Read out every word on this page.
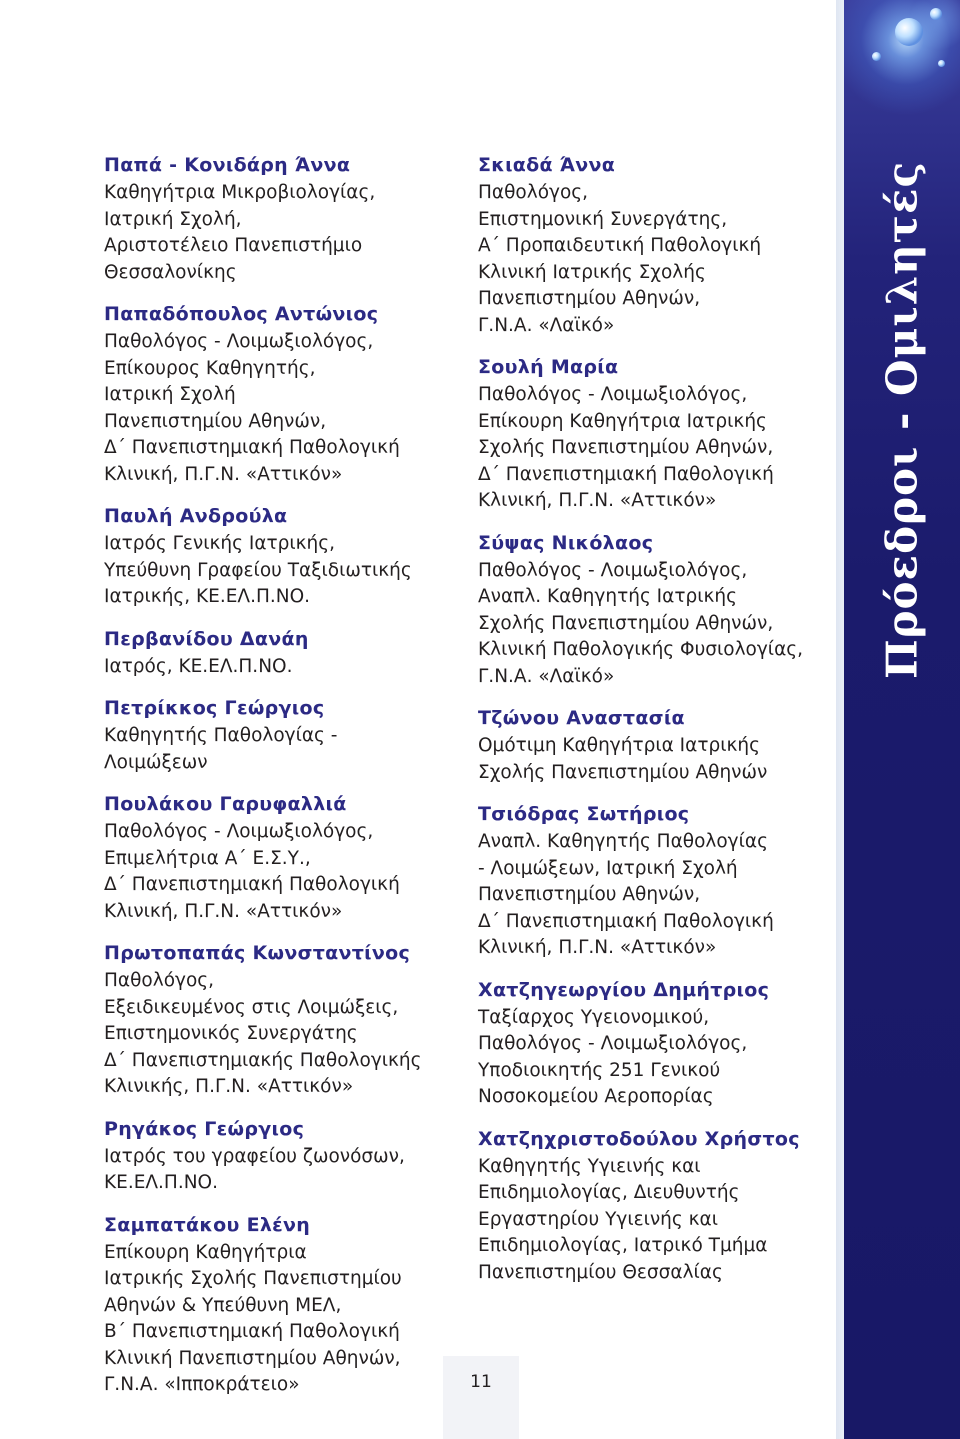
Πρόεδροι - Ομιλητές
Παπά - Κονιδάρη Άννα
Καθηγήτρια Μικροβιολογίας,
Ιατρική Σχολή,
Αριστοτέλειο Πανεπιστήμιο
Θεσσαλονίκης
Παπαδόπουλος Αντώνιος
Παθολόγος - Λοιμωξιολόγος,
Επίκουρος Καθηγητής,
Ιατρική Σχολή
Πανεπιστημίου Αθηνών,
Δ΄ Πανεπιστημιακή Παθολογική
Κλινική, Π.Γ.Ν. «Αττικόν»
Παυλή Ανδρούλα
Ιατρός Γενικής Ιατρικής,
Υπεύθυνη Γραφείου Ταξιδιωτικής
Ιατρικής, ΚΕ.ΕΛ.Π.ΝΟ.
Περβανίδου Δανάη
Ιατρός, ΚΕ.ΕΛ.Π.ΝΟ.
Πετρίκκος Γεώργιος
Καθηγητής Παθολογίας -
Λοιμώξεων
Πουλάκου Γαρυφαλλιά
Παθολόγος - Λοιμωξιολόγος,
Επιμελήτρια Α΄ Ε.Σ.Υ.,
Δ΄ Πανεπιστημιακή Παθολογική
Κλινική, Π.Γ.Ν. «Αττικόν»
Πρωτοπαπάς Κωνσταντίνος
Παθολόγος,
Εξειδικευμένος στις Λοιμώξεις,
Επιστημονικός Συνεργάτης
Δ΄ Πανεπιστημιακής Παθολογικής
Κλινικής, Π.Γ.Ν. «Αττικόν»
Ρηγάκος Γεώργιος
Ιατρός του γραφείου ζωονόσων,
ΚΕ.ΕΛ.Π.ΝΟ.
Σαμπατάκου Ελένη
Επίκουρη Καθηγήτρια
Ιατρικής Σχολής Πανεπιστημίου
Αθηνών & Υπεύθυνη ΜΕΛ,
Β΄ Πανεπιστημιακή Παθολογική
Κλινική Πανεπιστημίου Αθηνών,
Γ.Ν.Α. «Ιπποκράτειο»
Σκιαδά Άννα
Παθολόγος,
Επιστημονική Συνεργάτης,
Α΄ Προπαιδευτική Παθολογική
Κλινική Ιατρικής Σχολής
Πανεπιστημίου Αθηνών,
Γ.Ν.Α. «Λαϊκό»
Σουλή Μαρία
Παθολόγος - Λοιμωξιολόγος,
Επίκουρη Καθηγήτρια Ιατρικής
Σχολής Πανεπιστημίου Αθηνών,
Δ΄ Πανεπιστημιακή Παθολογική
Κλινική, Π.Γ.Ν. «Αττικόν»
Σύψας Νικόλαος
Παθολόγος - Λοιμωξιολόγος,
Αναπλ. Καθηγητής Ιατρικής
Σχολής Πανεπιστημίου Αθηνών,
Κλινική Παθολογικής Φυσιολογίας,
Γ.Ν.Α. «Λαϊκό»
Τζώνου Αναστασία
Ομότιμη Καθηγήτρια Ιατρικής
Σχολής Πανεπιστημίου Αθηνών
Τσιόδρας Σωτήριος
Αναπλ. Καθηγητής Παθολογίας
- Λοιμώξεων, Ιατρική Σχολή
Πανεπιστημίου Αθηνών,
Δ΄ Πανεπιστημιακή Παθολογική
Κλινική, Π.Γ.Ν. «Αττικόν»
Χατζηγεωργίου Δημήτριος
Ταξίαρχος Υγειονομικού,
Παθολόγος - Λοιμωξιολόγος,
Υποδιοικητής 251 Γενικού
Νοσοκομείου Αεροπορίας
Χατζηχριστοδούλου Χρήστος
Καθηγητής Υγιεινής και
Επιδημιολογίας, Διευθυντής
Εργαστηρίου Υγιεινής και
Επιδημιολογίας, Ιατρικό Τμήμα
Πανεπιστημίου Θεσσαλίας
11
